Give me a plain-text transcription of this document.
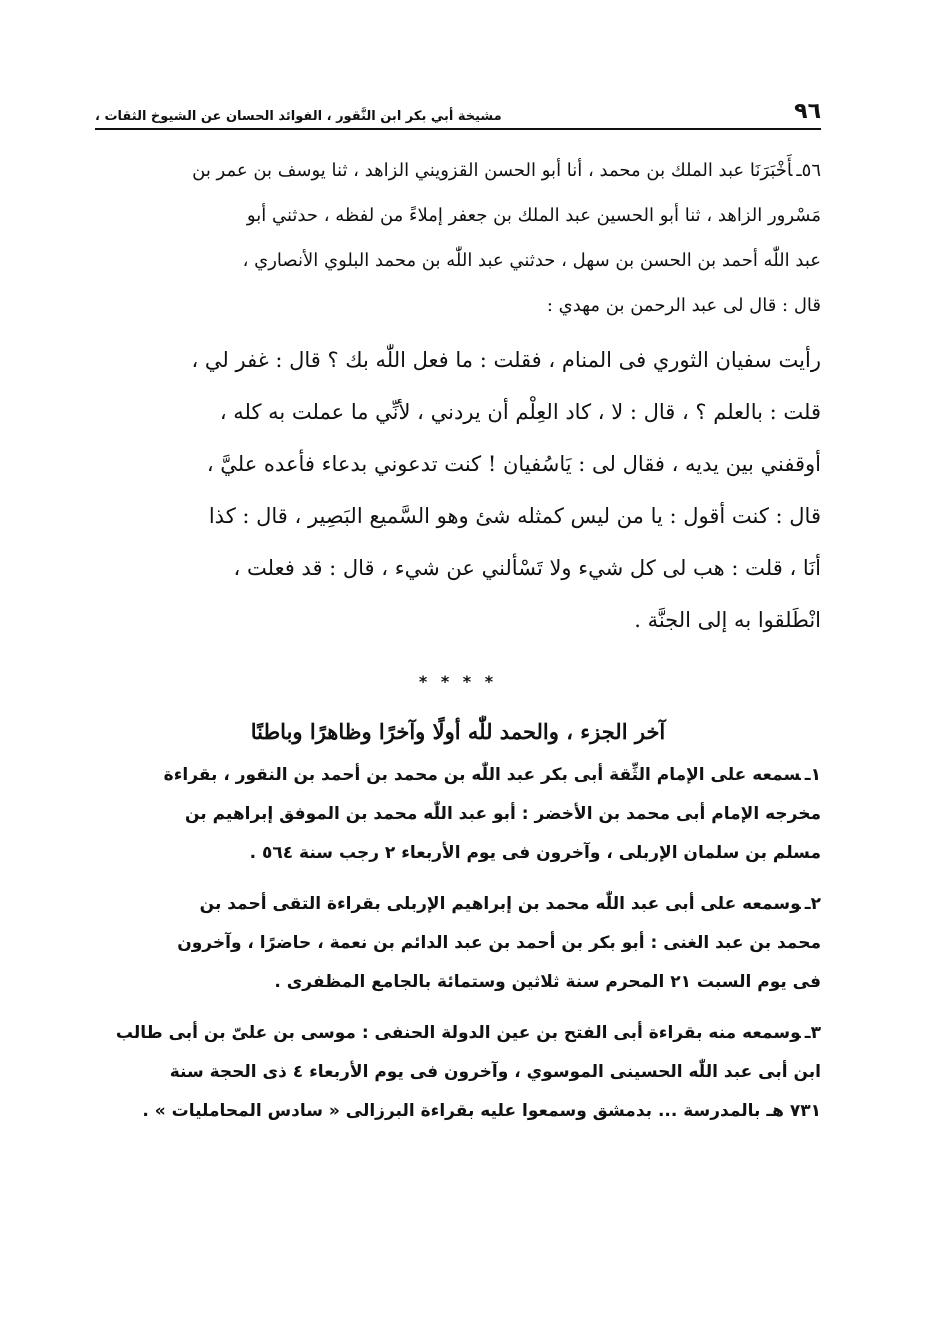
٩٦
مشيخة أبي بكر ابن النَّقور ، الفوائد الحسان عن الشيوخ الثقات ،

٥٦ـأَخْبَرَنَا عبد الملك بن محمد ، أنا أبو الحسن القزويني الزاهد ، ثنا يوسف بن عمر بن

مَسْرور الزاهد ، ثنا أبو الحسين عبد الملك بن جعفر إملاءً من لفظه ، حدثني أبو

عبد اللّٰه أحمد بن الحسن بن سهل ، حدثني عبد اللّٰه بن محمد البلوي الأنصاري ،

قال : قال لى عبد الرحمن بن مهدي :

رأيت سفيان الثوري فى المنام ، فقلت : ما فعل اللّٰه بك ؟ قال : غفر لي ،

قلت : بالعلم ؟ ، قال : لا ، كاد العِلْم أن يردني ، لأنِّي ما عملت به كله ،

أوقفني بين يديه ، فقال لى : يَاسُفيان ! كنت تدعوني بدعاء فأعده عليَّ ،

قال : كنت أقول : يا من ليس كمثله شئ وهو السَّميع البَصِير ، قال : كذا

أنَا ، قلت : هب لى كل شيء ولا تَسْألني عن شيء ، قال : قد فعلت ،

انْطَلقوا به إلى الجنَّة .

* * * *
آخر الجزء ، والحمد للّٰه أولًا وآخرًا وظاهرًا وباطنًا

١ـسمعه على الإمام الثِّقة أبى بكر عبد اللّٰه بن محمد بن أحمد بن النقور ، بقراءة

مخرجه الإمام أبى محمد بن الأخضر : أبو عبد اللّٰه محمد بن الموفق إبراهيم بن

مسلم بن سلمان الإربلى ، وآخرون فى يوم الأربعاء ٢ رجب سنة ٥٦٤ .

٢ـوسمعه على أبى عبد اللّٰه محمد بن إبراهيم الإربلى بقراءة التقى أحمد بن

محمد بن عبد الغنى : أبو بكر بن أحمد بن عبد الدائم بن نعمة ، حاضرًا ، وآخرون

فى يوم السبت ٢١ المحرم سنة ثلاثين وستمائة بالجامع المظفرى .

٣ـوسمعه منه بقراءة أبى الفتح بن عين الدولة الحنفى : موسى بن علىّ بن أبى طالب

ابن أبى عبد اللّٰه الحسينى الموسوي ، وآخرون فى يوم الأربعاء ٤ ذى الحجة سنة

٧٣١ هـ بالمدرسة ... بدمشق وسمعوا عليه بقراءة البرزالى « سادس المحامليات » .
